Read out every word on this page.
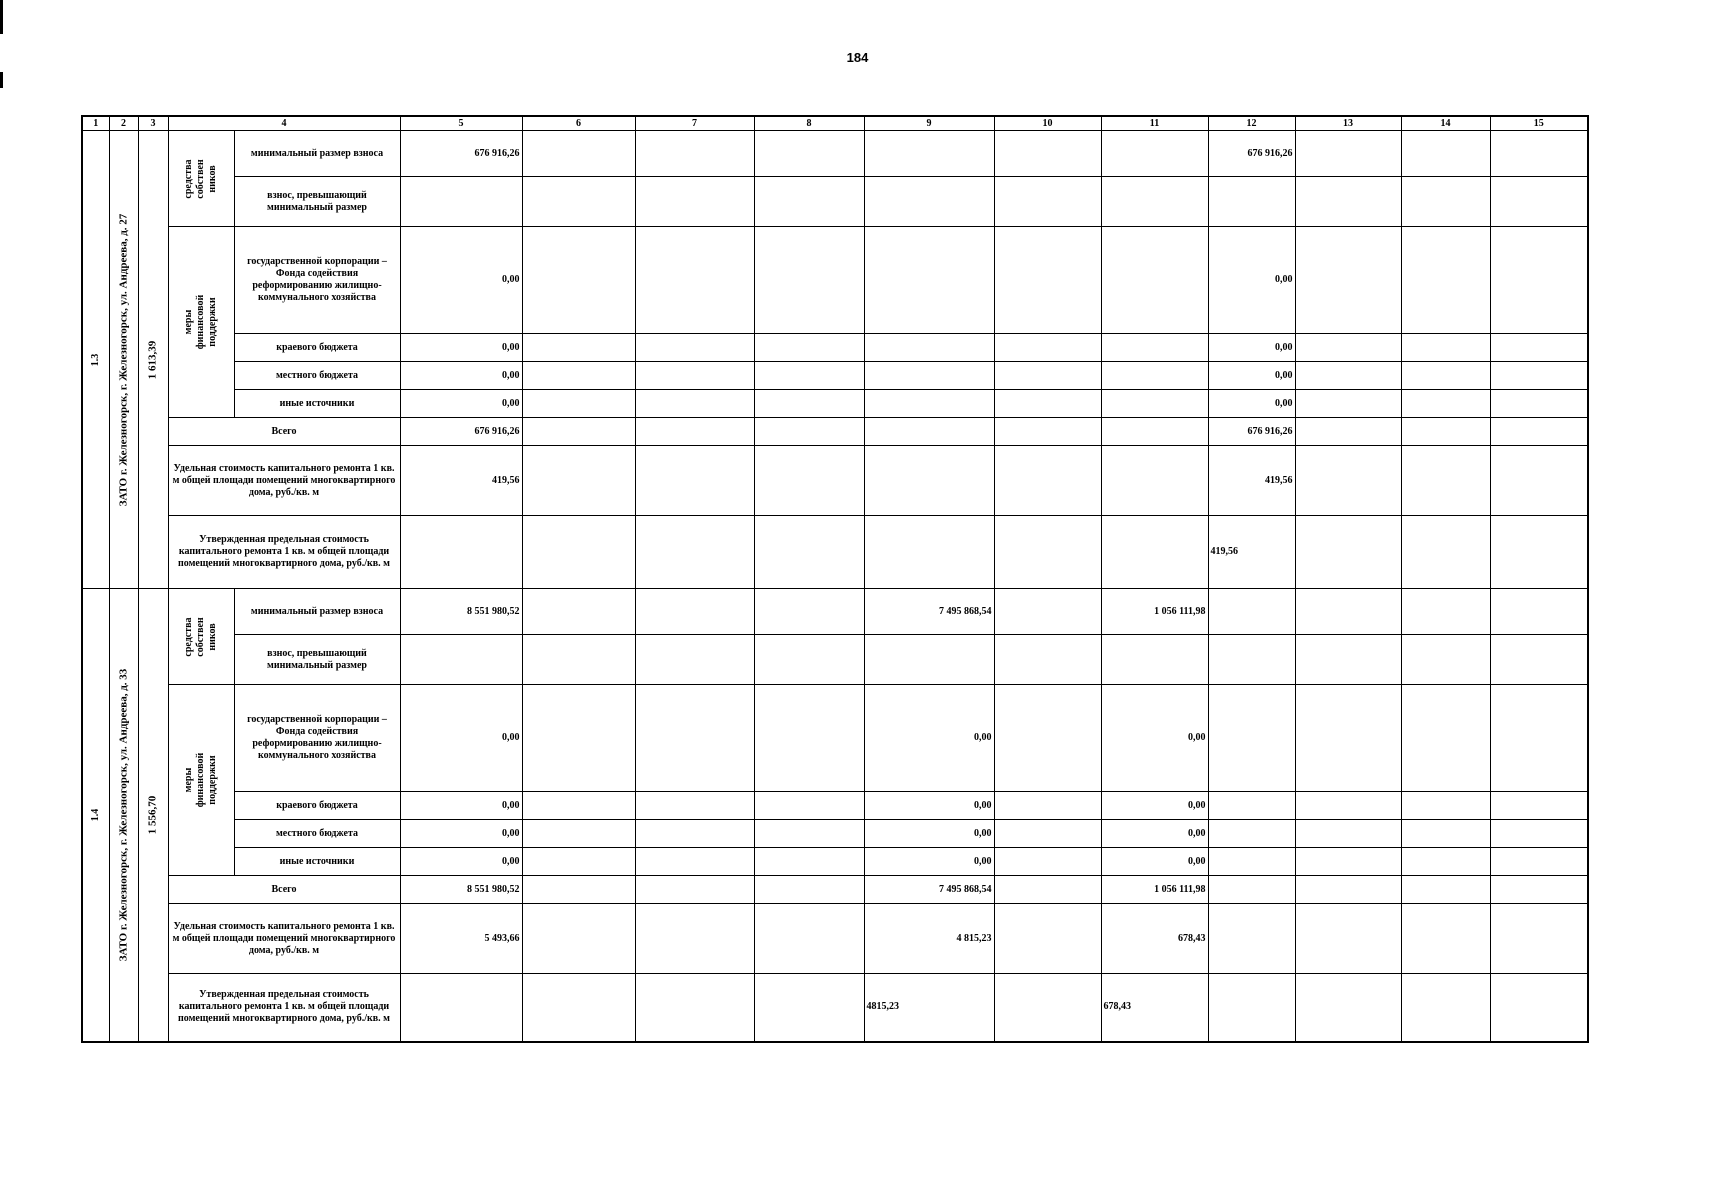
184
1	2	3	4		5	6	7	8	9	10	11	12	13	14	15

1.3	ЗАТО г. Железногорск, г. Железногорск, ул. Андреева, д. 27	1 613,39	средства собствен ников	минимальный размер взноса	676 916,26							676 916,26			
				взнос, превышающий минимальный размер											

			меры финансовой поддержки	государственной корпорации – Фонда содействия реформированию жилищно-коммунального хозяйства	0,00							0,00			
				краевого бюджета	0,00							0,00			
				местного бюджета	0,00							0,00			
				иные источники	0,00							0,00			
			Всего		676 916,26							676 916,26			
			Удельная стоимость капитального ремонта 1 кв. м общей площади помещений многоквартирного дома, руб./кв. м		419,56							419,56			
			Утвержденная предельная стоимость капитального ремонта 1 кв. м общей площади помещений многоквартирного дома, руб./кв. м									419,56			

1.4	ЗАТО г. Железногорск, г. Железногорск, ул. Андреева, д. 33	1 556,70	средства собствен ников	минимальный размер взноса	8 551 980,52				7 495 868,54		1 056 111,98				
				взнос, превышающий минимальный размер											

			меры финансовой поддержки	государственной корпорации – Фонда содействия реформированию жилищно-коммунального хозяйства	0,00				0,00		0,00				
				краевого бюджета	0,00				0,00		0,00				
				местного бюджета	0,00				0,00		0,00				
				иные источники	0,00				0,00		0,00				
			Всего		8 551 980,52				7 495 868,54		1 056 111,98				
			Удельная стоимость капитального ремонта 1 кв. м общей площади помещений многоквартирного дома, руб./кв. м		5 493,66				4 815,23		678,43				
			Утвержденная предельная стоимость капитального ремонта 1 кв. м общей площади помещений многоквартирного дома, руб./кв. м						4815,23		678,43				
